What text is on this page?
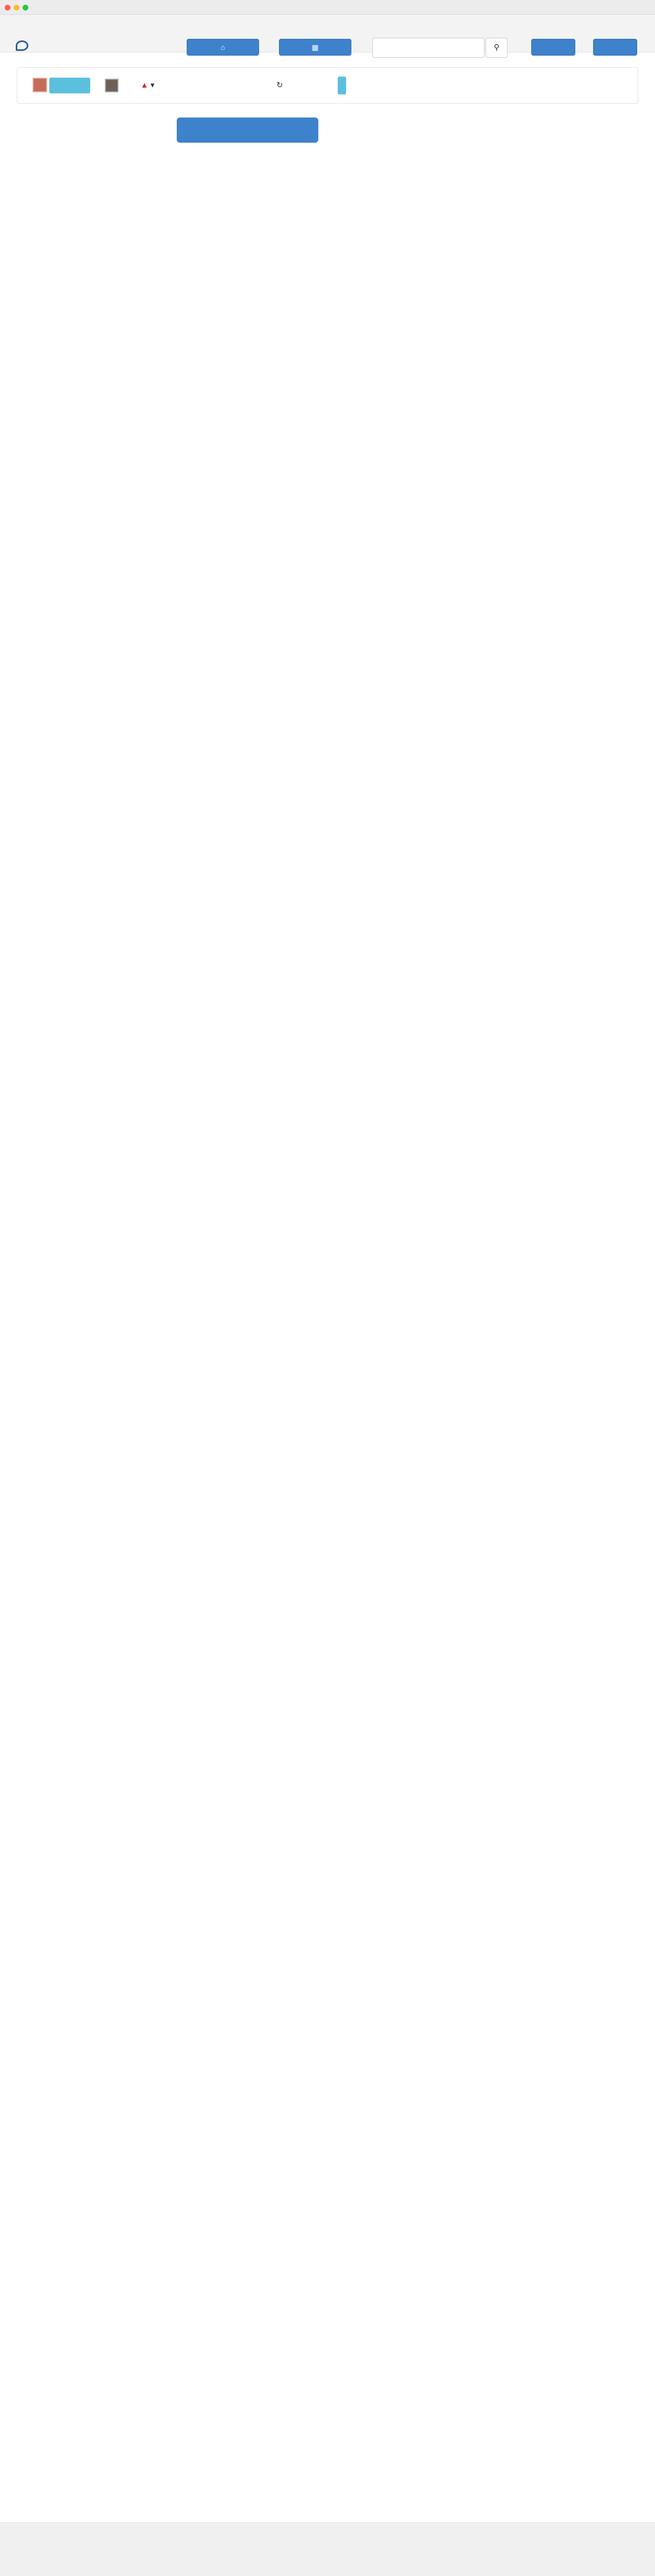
⌂	▦	⚲
▲ ▾	↻
